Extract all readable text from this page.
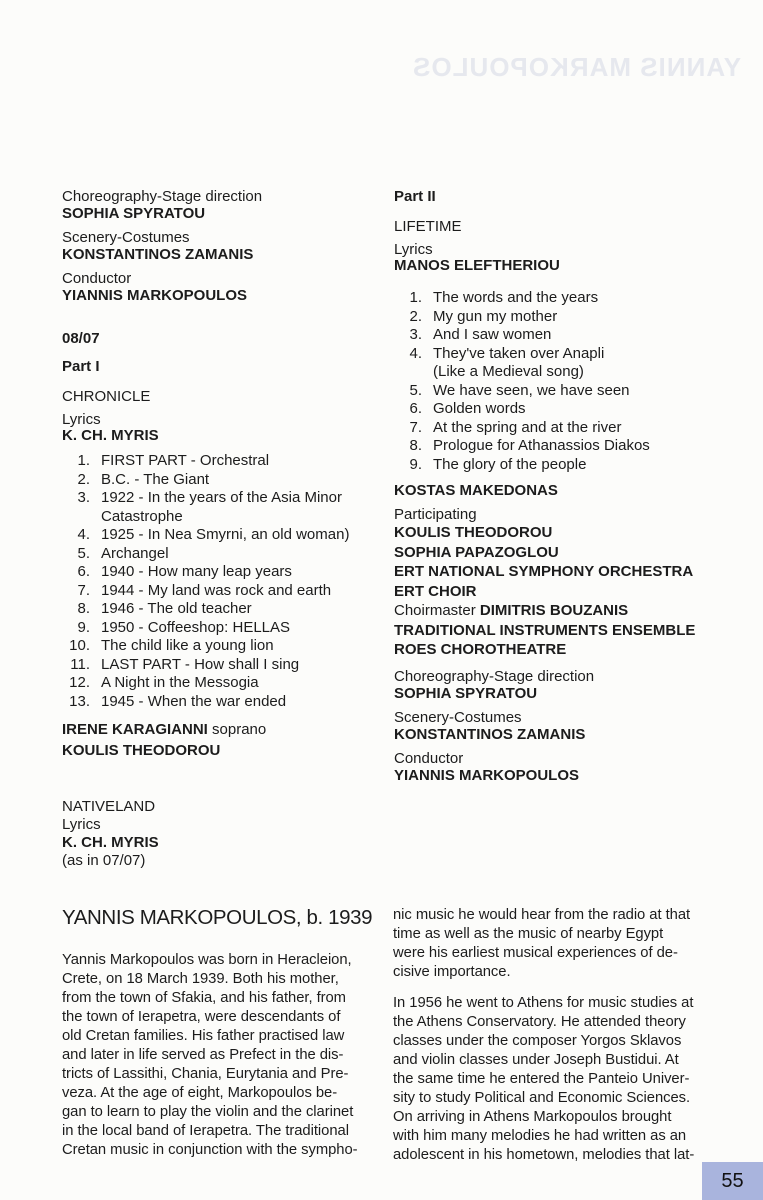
YANNIS MARKOPOULOS
Choreography-Stage direction
SOPHIA SPYRATOU
Scenery-Costumes
KONSTANTINOS ZAMANIS
Conductor
YIANNIS MARKOPOULOS
08/07
Part I
CHRONICLE
Lyrics
K. CH. MYRIS
1. FIRST PART - Orchestral
2. B.C. - The Giant
3. 1922 - In the years of the Asia Minor
Catastrophe
4. 1925 - In Nea Smyrni, an old woman)
5. Archangel
6. 1940 - How many leap years
7. 1944 - My land was rock and earth
8. 1946 - The old teacher
9. 1950 - Coffeeshop: HELLAS
10. The child like a young lion
11. LAST PART - How shall I sing
12. A Night in the Messogia
13. 1945 - When the war ended
IRENE KARAGIANNI soprano
KOULIS THEODOROU
NATIVELAND
Lyrics
K. CH. MYRIS
(as in 07/07)
Part II
LIFETIME
Lyrics
MANOS ELEFTHERIOU
1. The words and the years
2. My gun my mother
3. And I saw women
4. They've taken over Anapli
(Like a Medieval song)
5. We have seen, we have seen
6. Golden words
7. At the spring and at the river
8. Prologue for Athanassios Diakos
9. The glory of the people
KOSTAS MAKEDONAS
Participating
KOULIS THEODOROU
SOPHIA PAPAZOGLOU
ERT NATIONAL SYMPHONY ORCHESTRA
ERT CHOIR
Choirmaster DIMITRIS BOUZANIS
TRADITIONAL INSTRUMENTS ENSEMBLE
ROES CHOROTHEATRE
Choreography-Stage direction
SOPHIA SPYRATOU
Scenery-Costumes
KONSTANTINOS ZAMANIS
Conductor
YIANNIS MARKOPOULOS
YANNIS MARKOPOULOS, b. 1939

Yannis Markopoulos was born in Heracleion,
Crete, on 18 March 1939. Both his mother,
from the town of Sfakia, and his father, from
the town of Ierapetra, were descendants of
old Cretan families. His father practised law
and later in life served as Prefect in the dis-
tricts of Lassithi, Chania, Eurytania and Pre-
veza. At the age of eight, Markopoulos be-
gan to learn to play the violin and the clarinet
in the local band of Ierapetra. The traditional
Cretan music in conjunction with the sympho-

nic music he would hear from the radio at that
time as well as the music of nearby Egypt
were his earliest musical experiences of de-
cisive importance.

In 1956 he went to Athens for music studies at
the Athens Conservatory. He attended theory
classes under the composer Yorgos Sklavos
and violin classes under Joseph Bustidui. At
the same time he entered the Panteio Univer-
sity to study Political and Economic Sciences.
On arriving in Athens Markopoulos brought
with him many melodies he had written as an
adolescent in his hometown, melodies that lat-

55
